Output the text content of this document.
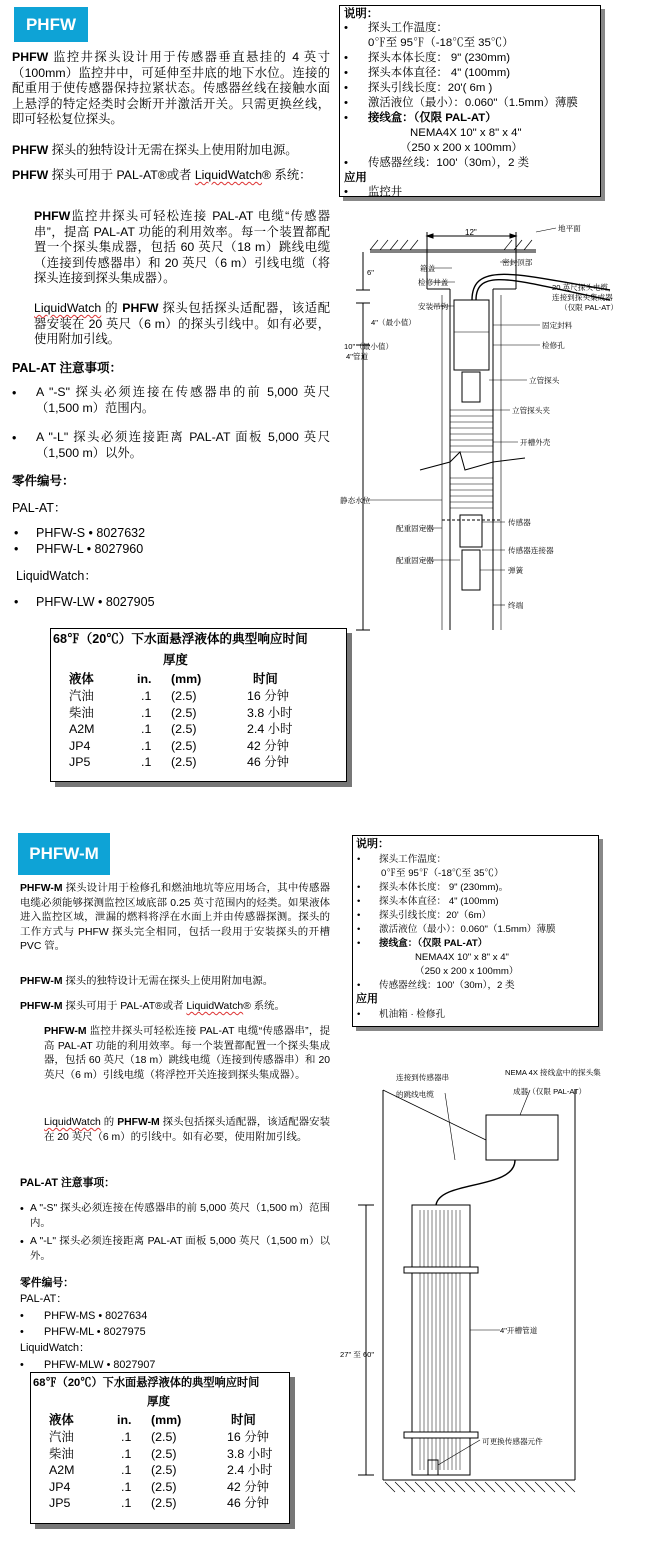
PHFW
PHFW 监控井探头设计用于传感器垂直悬挂的 4 英寸（100mm）监控井中，可延伸至井底的地下水位。连接的配重用于使传感器保持拉紧状态。传感器丝线在接触水面上悬浮的特定烃类时会断开并激活开关。只需更换丝线，即可轻松复位探头。
PHFW 探头的独特设计无需在探头上使用附加电源。
PHFW 探头可用于 PAL-AT®或者 LiquidWatch® 系统：
PHFW监控井探头可轻松连接 PAL-AT 电缆“传感器串”，提高 PAL-AT 功能的利用效率。每一个装置都配置一个探头集成器，包括 60 英尺（18 m）跳线电缆（连接到传感器串）和 20 英尺（6 m）引线电缆（将探头连接到探头集成器）。
LiquidWatch 的 PHFW 探头包括探头适配器，该适配器安装在 20 英尺（6 m）的探头引线中。如有必要，使用附加引线。
PAL-AT 注意事项：
• A "-S" 探头必须连接在传感器串的前 5,000 英尺（1,500 m）范围内。
• A "-L" 探头必须连接距离 PAL-AT 面板 5,000 英尺（1,500 m）以外。
零件编号：
PAL-AT：
• PHFW-S • 8027632
• PHFW-L • 8027960
LiquidWatch：
• PHFW-LW • 8027905
说明：
• 探头工作温度：
0℉至 95℉（-18℃至 35℃）
• 探头本体长度： 9" (230mm)
• 探头本体直径： 4" (100mm)
• 探头引线长度：20'( 6m )
• 激活液位（最小）：0.060"（1.5mm）薄膜
• 接线盒：（仅限 PAL-AT）
NEMA4X 10" x 8" x 4"
（250 x 200 x 100mm）
• 传感器丝线：100'（30m），2 类
应用
• 监控井
68℉（20℃）下水面悬浮液体的典型响应时间
厚度
液体	in. (mm)	时间
汽油	.1 (2.5)	16 分钟
柴油	.1 (2.5)	3.8 小时
A2M	.1 (2.5)	2.4 小时
JP4	.1 (2.5)	42 分钟
JP5	.1 (2.5)	46 分钟
12"	地平面
箱盖
检修井盖
密封顶部
6"
安装吊钩
20 英尺探头电缆，
连接到探头集成器
（仅限 PAL-AT）
4"（最小值）	固定封料
检修孔
10"（最小值）
4"管道
立管探头
立管探头夹
开槽外壳
静态水位
传感器
配重固定器
传感器连接器
配重固定器
弹簧
终端
PHFW-M
PHFW-M 探头设计用于检修孔和燃油地坑等应用场合，其中传感器电缆必须能够探测监控区域底部 0.25 英寸范围内的烃类。如果液体进入监控区域，泄漏的燃料将浮在水面上并由传感器探测。探头的工作方式与 PHFW 探头完全相同，包括一段用于安装探头的开槽 PVC 管。
PHFW-M 探头的独特设计无需在探头上使用附加电源。
PHFW-M 探头可用于 PAL-AT®或者 LiquidWatch® 系统。
PHFW-M 监控井探头可轻松连接 PAL-AT 电缆“传感器串”，提高 PAL-AT 功能的利用效率。每一个装置都配置一个探头集成器，包括 60 英尺（18 m）跳线电缆（连接到传感器串）和 20 英尺（6 m）引线电缆（将浮控开关连接到探头集成器）。
LiquidWatch 的 PHFW-M 探头包括探头适配器，该适配器安装在 20 英尺（6 m）的引线中。如有必要，使用附加引线。
PAL-AT 注意事项：
• A "-S" 探头必须连接在传感器串的前 5,000 英尺（1,500 m）范围内。
• A "-L" 探头必须连接距离 PAL-AT 面板 5,000 英尺（1,500 m）以外。
零件编号：
PAL-AT：
• PHFW-MS • 8027634
• PHFW-ML • 8027975
LiquidWatch：
• PHFW-MLW • 8027907
说明：
• 探头工作温度：
0℉至 95℉（-18℃至 35℃）
• 探头本体长度： 9" (230mm)。
• 探头本体直径： 4" (100mm)
• 探头引线长度：20'（6m）
• 激活液位（最小）：0.060"（1.5mm）薄膜
• 接线盒：（仅限 PAL-AT）
NEMA4X 10" x 8" x 4"
（250 x 200 x 100mm）
• 传感器丝线：100'（30m），2 类
应用
• 机油箱 · 检修孔
68℉（20℃）下水面悬浮液体的典型响应时间
厚度
液体	in. (mm)	时间
汽油	.1 (2.5)	16 分钟
柴油	.1 (2.5)	3.8 小时
A2M	.1 (2.5)	2.4 小时
JP4	.1 (2.5)	42 分钟
JP5	.1 (2.5)	46 分钟
连接到传感器串
的跳线电缆
NEMA 4X 接线盒中的探头集
成器（仅限 PAL-AT）
4"开槽管道
27" 至 60"
可更换传感器元件
